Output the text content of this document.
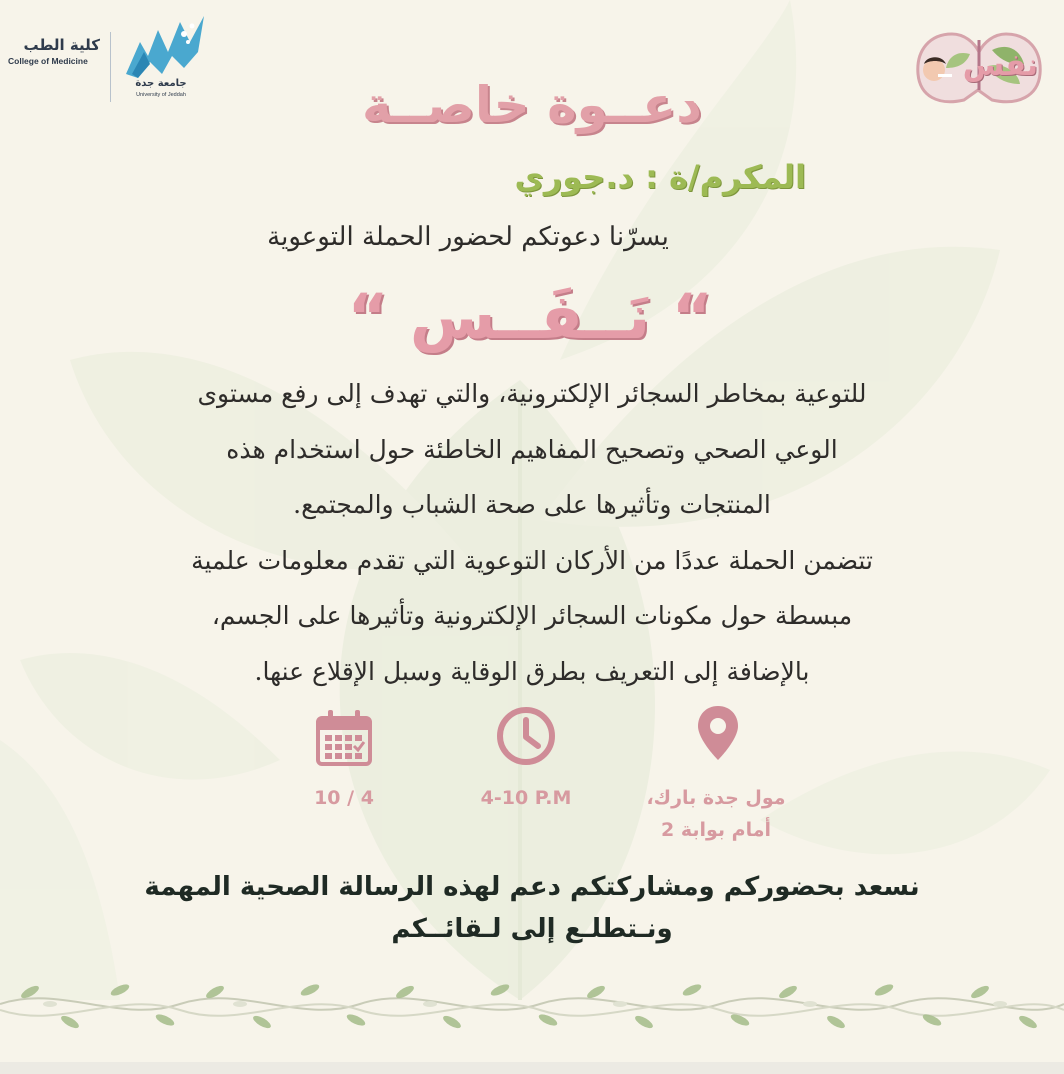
كلية الطب
College of Medicine
جامعة جدة
University of Jeddah
نفس
دعــوة خاصــة
المكرم/ة : د.جوري
يسرّنا دعوتكم لحضور الحملة التوعوية
“ نَــفَــس “

للتوعية بمخاطر السجائر الإلكترونية، والتي تهدف إلى رفع مستوى

الوعي الصحي وتصحيح المفاهيم الخاطئة حول استخدام هذه

المنتجات وتأثيرها على صحة الشباب والمجتمع.

تتضمن الحملة عددًا من الأركان التوعوية التي تقدم معلومات علمية

مبسطة حول مكونات السجائر الإلكترونية وتأثيرها على الجسم،

بالإضافة إلى التعريف بطرق الوقاية وسبل الإقلاع عنها.

مول جدة بارك،
أمام بوابة 2
4-10 P.M
10 / 4

نسعد بحضوركم ومشاركتكم دعم لهذه الرسالة الصحية المهمة

ونـتطلـع إلى لـقائــكم
